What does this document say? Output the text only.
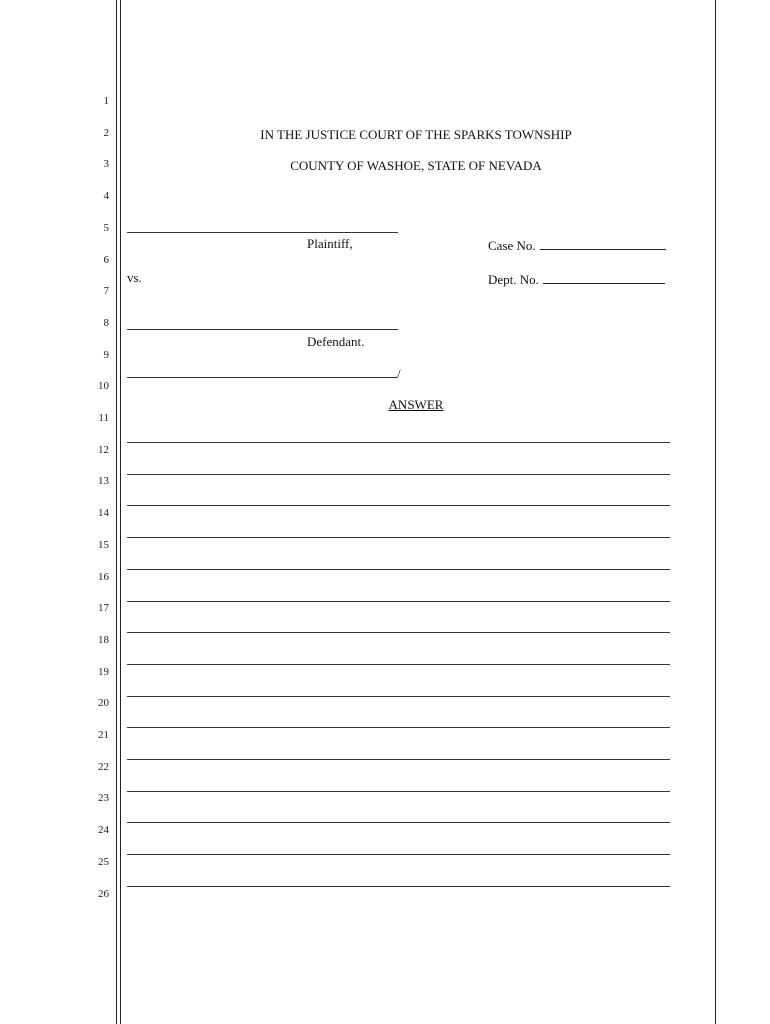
1
2
3
4
5
6
7
8
9
10
11
12
13
14
15
16
17
18
19
20
21
22
23
24
25
26
IN THE JUSTICE COURT OF THE SPARKS TOWNSHIP
COUNTY OF WASHOE, STATE OF NEVADA
Plaintiff,	Case No.
vs.	Dept. No.
Defendant.
/
ANSWER
